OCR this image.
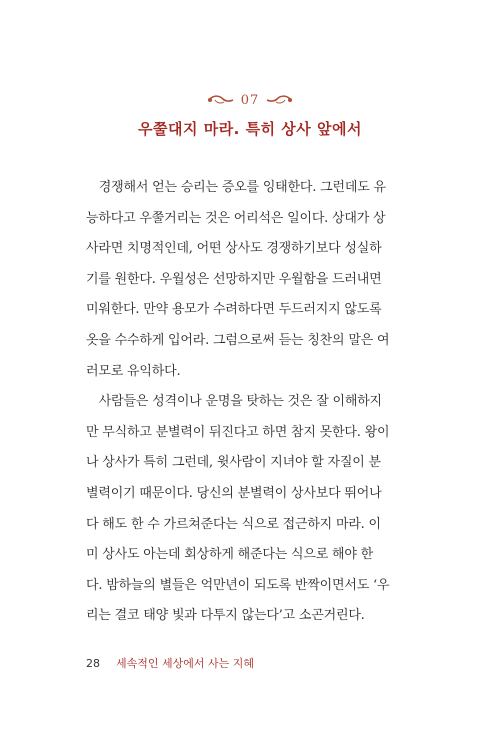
07
우쭐대지 마라. 특히 상사 앞에서
　경쟁해서 얻는 승리는 증오를 잉태한다. 그런데도 유
능하다고 우쭐거리는 것은 어리석은 일이다. 상대가 상
사라면 치명적인데, 어떤 상사도 경쟁하기보다 성실하
기를 원한다. 우월성은 선망하지만 우월함을 드러내면
미워한다. 만약 용모가 수려하다면 두드러지지 않도록
옷을 수수하게 입어라. 그럼으로써 듣는 칭찬의 말은 여
러모로 유익하다.
　사람들은 성격이나 운명을 탓하는 것은 잘 이해하지
만 무식하고 분별력이 뒤진다고 하면 참지 못한다. 왕이
나 상사가 특히 그런데, 윗사람이 지녀야 할 자질이 분
별력이기 때문이다. 당신의 분별력이 상사보다 뛰어나
다 해도 한 수 가르쳐준다는 식으로 접근하지 마라. 이
미 상사도 아는데 회상하게 해준다는 식으로 해야 한
다. 밤하늘의 별들은 억만년이 되도록 반짝이면서도 ‘우
리는 결코 태양 빛과 다투지 않는다’고 소곤거린다.
28 세속적인 세상에서 사는 지혜
